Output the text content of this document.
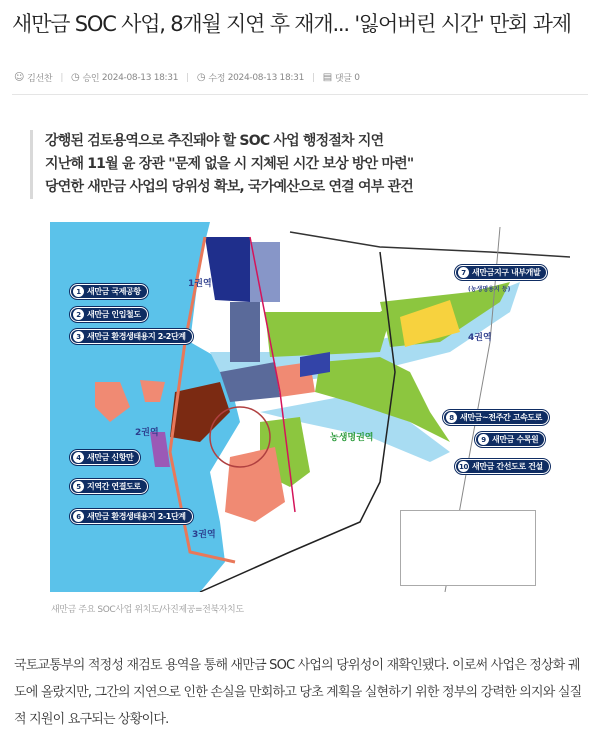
새만금 SOC 사업, 8개월 지연 후 재개... '잃어버린 시간' 만회 과제
☺ 김선찬 | ◷ 승인
2024-08-13 18:31 | ◷ 수정
2024-08-13 18:31 | ▤ 댓글
0
강행된 검토용역으로 추진돼야 할 SOC 사업 행정절차 지연
지난해 11월 윤 장관 "문제 없을 시 지체된 시간 보상 방안 마련"
당연한 새만금 사업의 당위성 확보, 국가예산으로 연결 여부 관건
1 새만금 국제공항
2 새만금 인입철도
3 새만금 환경생태용지 2-2단계
4 새만금 신항만
5 지역간 연결도로
6 새만금 환경생태용지 2-1단계
7 새만금지구 내부개발
8 새만금~전주간 고속도로
9 새만금 수목원
10 새만금 간선도로 건설
1권역
2권역
3권역
4권역
농생명권역
(농생명용지 등)
새만금 주요 SOC사업 위치도/사진제공=전북자치도
국토교통부의 적정성 재검토 용역을 통해 새만금 SOC 사업의 당위성이 재확인됐다. 이로써 사업은 정상화 궤도에 올랐지만, 그간의 지연으로 인한 손실을 만회하고 당초 계획을 실현하기 위한 정부의 강력한 의지와 실질적 지원이 요구되는 상황이다.
